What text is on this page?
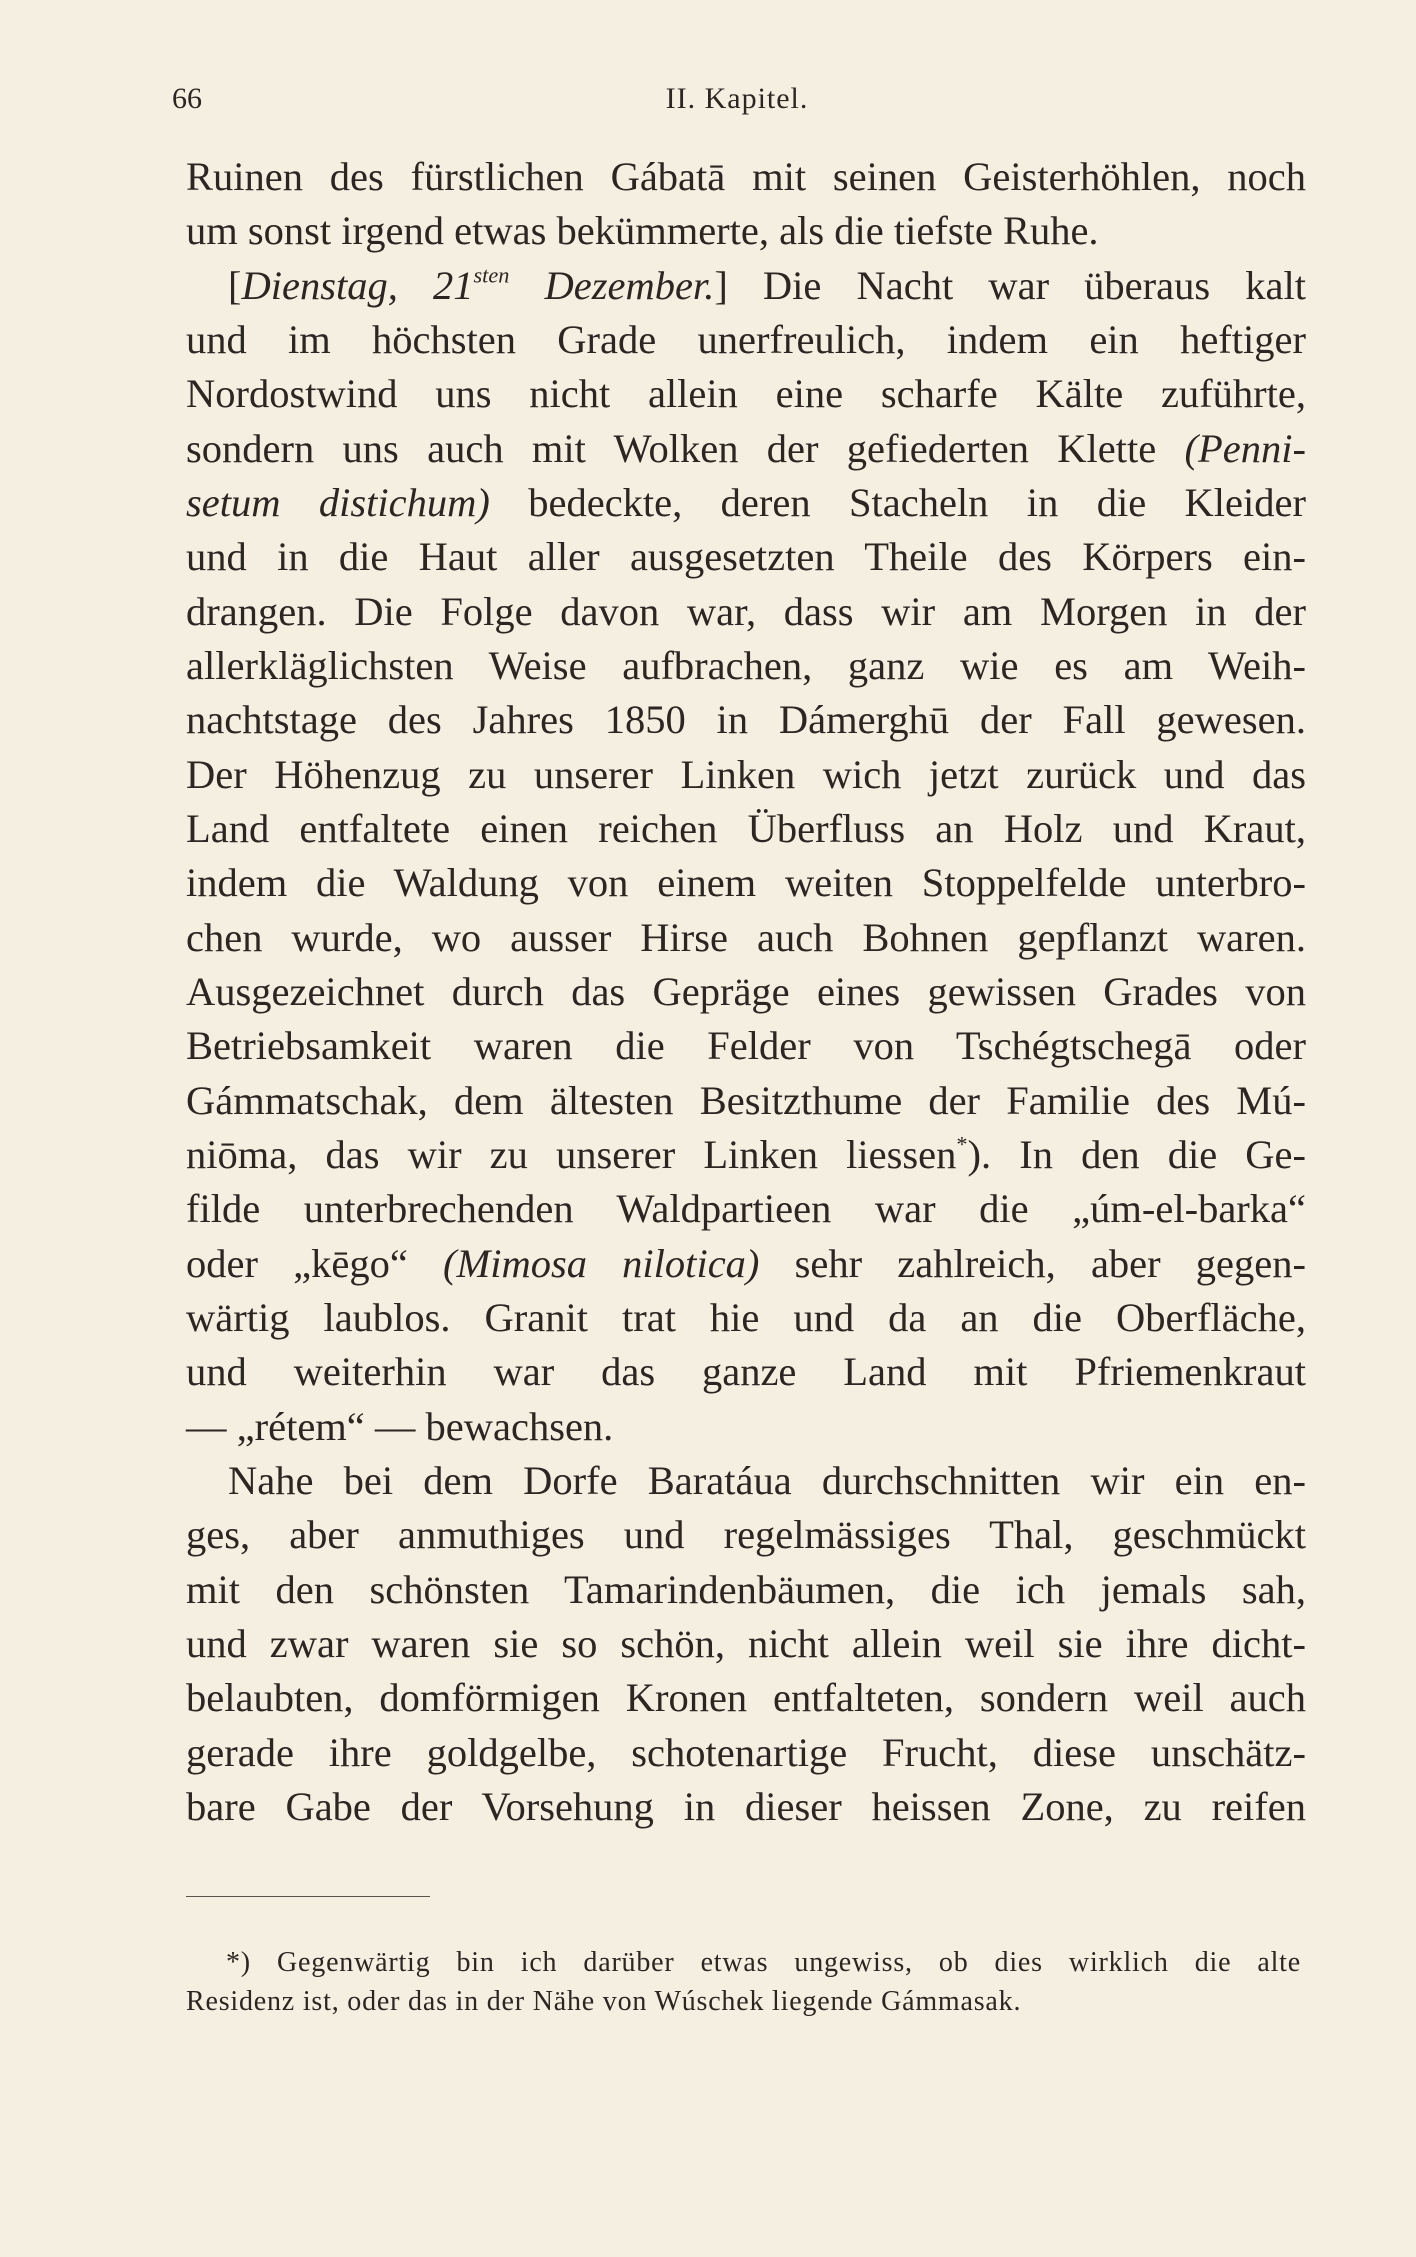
66	II. Kapitel.
Ruinen des fürstlichen Gábatā mit seinen Geisterhöhlen, noch
um sonst irgend etwas bekümmerte, als die tiefste Ruhe.
[Dienstag, $21^{sten}$ Dezember.] Die Nacht war überaus kalt
und im höchsten Grade unerfreulich, indem ein heftiger
Nordostwind uns nicht allein eine scharfe Kälte zuführte,
sondern uns auch mit Wolken der gefiederten Klette (Penni-
setum distichum) bedeckte, deren Stacheln in die Kleider
und in die Haut aller ausgesetzten Theile des Körpers ein-
drangen. Die Folge davon war, dass wir am Morgen in der
allerkläglichsten Weise aufbrachen, ganz wie es am Weih-
nachtstage des Jahres 1850 in Dámerghū der Fall gewesen.
Der Höhenzug zu unserer Linken wich jetzt zurück und das
Land entfaltete einen reichen Überfluss an Holz und Kraut,
indem die Waldung von einem weiten Stoppelfelde unterbro-
chen wurde, wo ausser Hirse auch Bohnen gepflanzt waren.
Ausgezeichnet durch das Gepräge eines gewissen Grades von
Betriebsamkeit waren die Felder von Tschégtschegā oder
Gámmatschak, dem ältesten Besitzthume der Familie des Mú-
niōma, das wir zu unserer Linken liessen*). In den die Ge-
filde unterbrechenden Waldpartieen war die „úm-el-barka“
oder „kēgo“ (Mimosa nilotica) sehr zahlreich, aber gegen-
wärtig laublos. Granit trat hie und da an die Oberfläche,
und weiterhin war das ganze Land mit Pfriemenkraut
— „rétem“ — bewachsen.
Nahe bei dem Dorfe Baratáua durchschnitten wir ein en-
ges, aber anmuthiges und regelmässiges Thal, geschmückt
mit den schönsten Tamarindenbäumen, die ich jemals sah,
und zwar waren sie so schön, nicht allein weil sie ihre dicht-
belaubten, domförmigen Kronen entfalteten, sondern weil auch
gerade ihre goldgelbe, schotenartige Frucht, diese unschätz-
bare Gabe der Vorsehung in dieser heissen Zone, zu reifen
*) Gegenwärtig bin ich darüber etwas ungewiss, ob dies wirklich die alte
Residenz ist, oder das in der Nähe von Wúschek liegende Gámmasak.
